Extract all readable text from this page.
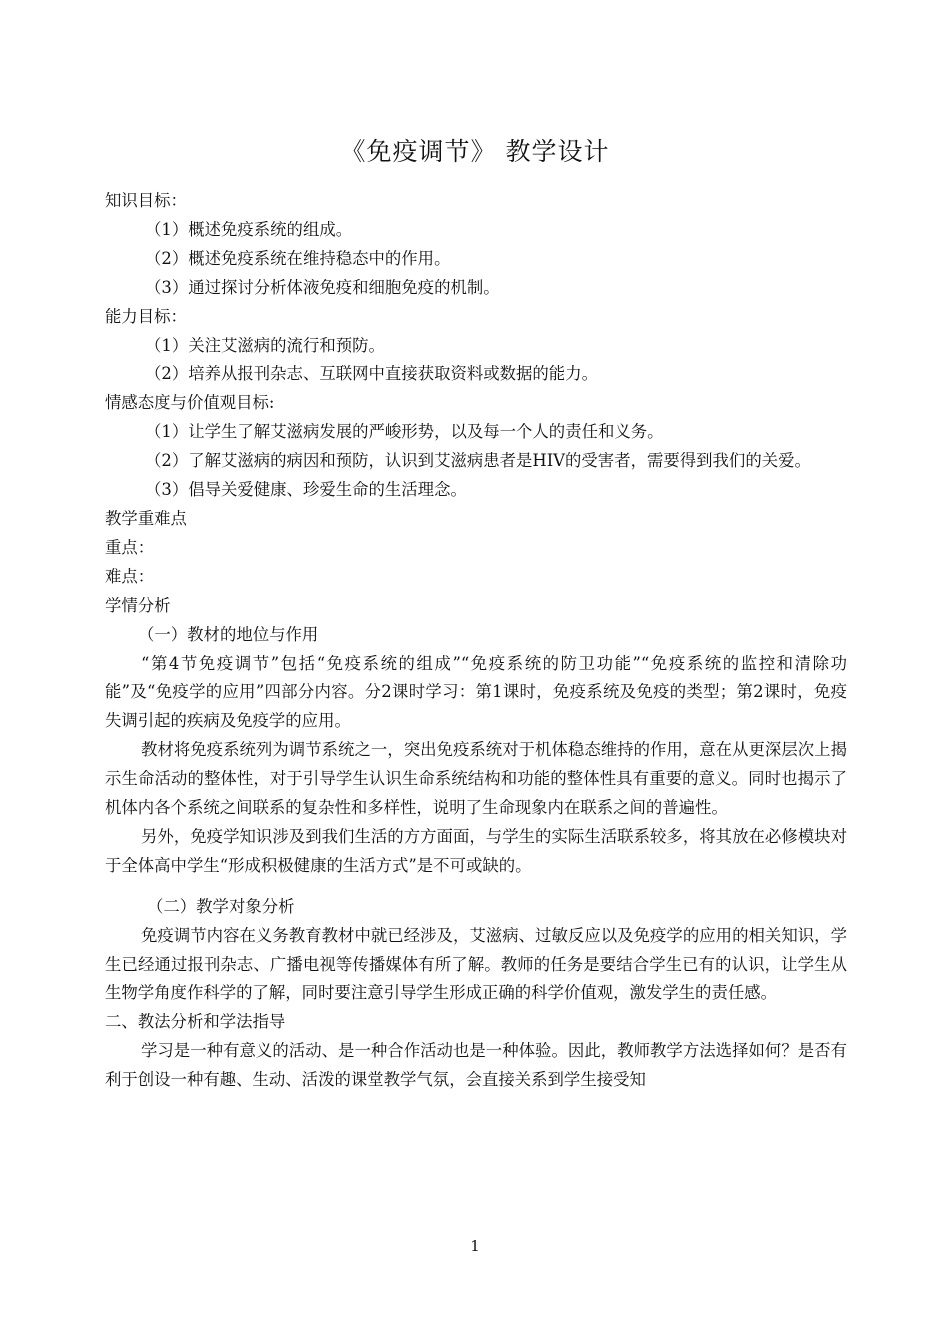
《免疫调节》 教学设计
知识目标：
（1）概述免疫系统的组成。
（2）概述免疫系统在维持稳态中的作用。
（3）通过探讨分析体液免疫和细胞免疫的机制。
能力目标：
（1）关注艾滋病的流行和预防。
（2）培养从报刊杂志、互联网中直接获取资料或数据的能力。
情感态度与价值观目标:
（1）让学生了解艾滋病发展的严峻形势，以及每一个人的责任和义务。
（2）了解艾滋病的病因和预防，认识到艾滋病患者是HIV的受害者，需要得到我们的关爱。
（3）倡导关爱健康、珍爱生命的生活理念。
教学重难点
重点：
难点：
学情分析
（一）教材的地位与作用
“第4节免疫调节”包括“免疫系统的组成”“免疫系统的防卫功能”“免疫系统的监控和清除功能”及“免疫学的应用”四部分内容。分2课时学习：第1课时，免疫系统及免疫的类型；第2课时，免疫失调引起的疾病及免疫学的应用。
教材将免疫系统列为调节系统之一，突出免疫系统对于机体稳态维持的作用，意在从更深层次上揭示生命活动的整体性，对于引导学生认识生命系统结构和功能的整体性具有重要的意义。同时也揭示了机体内各个系统之间联系的复杂性和多样性，说明了生命现象内在联系之间的普遍性。
另外，免疫学知识涉及到我们生活的方方面面，与学生的实际生活联系较多，将其放在必修模块对于全体高中学生“形成积极健康的生活方式”是不可或缺的。
（二）教学对象分析
免疫调节内容在义务教育教材中就已经涉及，艾滋病、过敏反应以及免疫学的应用的相关知识，学生已经通过报刊杂志、广播电视等传播媒体有所了解。教师的任务是要结合学生已有的认识，让学生从生物学角度作科学的了解，同时要注意引导学生形成正确的科学价值观，激发学生的责任感。
二、教法分析和学法指导
学习是一种有意义的活动、是一种合作活动也是一种体验。因此，教师教学方法选择如何？是否有利于创设一种有趣、生动、活泼的课堂教学气氛，会直接关系到学生接受知
1
